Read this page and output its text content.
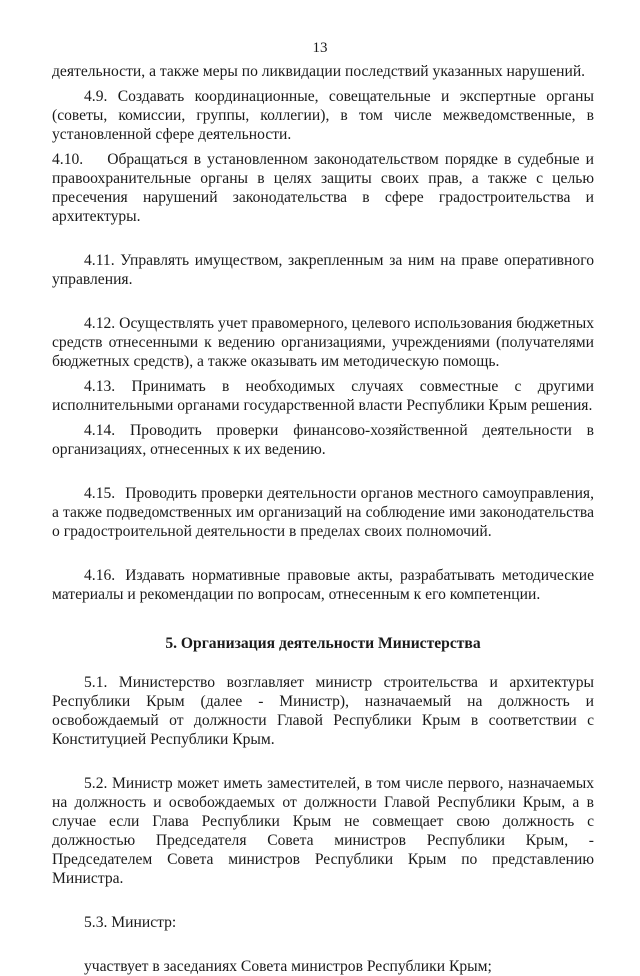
13

деятельности, а также меры по ликвидации последствий указанных нарушений.

4.9. Создавать координационные, совещательные и экспертные органы (советы, комиссии, группы, коллегии), в том числе межведомственные, в установленной сфере деятельности.

4.10. Обращаться в установленном законодательством порядке в судебные и правоохранительные органы в целях защиты своих прав, а также с целью пресечения нарушений законодательства в сфере градостроительства и архитектуры.

4.11. Управлять имуществом, закрепленным за ним на праве оперативного управления.

4.12. Осуществлять учет правомерного, целевого использования бюджетных средств отнесенными к ведению организациями, учреждениями (получателями бюджетных средств), а также оказывать им методическую помощь.

4.13. Принимать в необходимых случаях совместные с другими исполнительными органами государственной власти Республики Крым решения.

4.14. Проводить проверки финансово-хозяйственной деятельности в организациях, отнесенных к их ведению.

4.15. Проводить проверки деятельности органов местного самоуправления, а также подведомственных им организаций на соблюдение ими законодательства о градостроительной деятельности в пределах своих полномочий.

4.16. Издавать нормативные правовые акты, разрабатывать методические материалы и рекомендации по вопросам, отнесенным к его компетенции.

5. Организация деятельности Министерства

5.1. Министерство возглавляет министр строительства и архитектуры Республики Крым (далее - Министр), назначаемый на должность и освобождаемый от должности Главой Республики Крым в соответствии с Конституцией Республики Крым.

5.2. Министр может иметь заместителей, в том числе первого, назначаемых на должность и освобождаемых от должности Главой Республики Крым, а в случае если Глава Республики Крым не совмещает свою должность с должностью Председателя Совета министров Республики Крым, - Председателем Совета министров Республики Крым по представлению Министра.

5.3. Министр:

участвует в заседаниях Совета министров Республики Крым;
